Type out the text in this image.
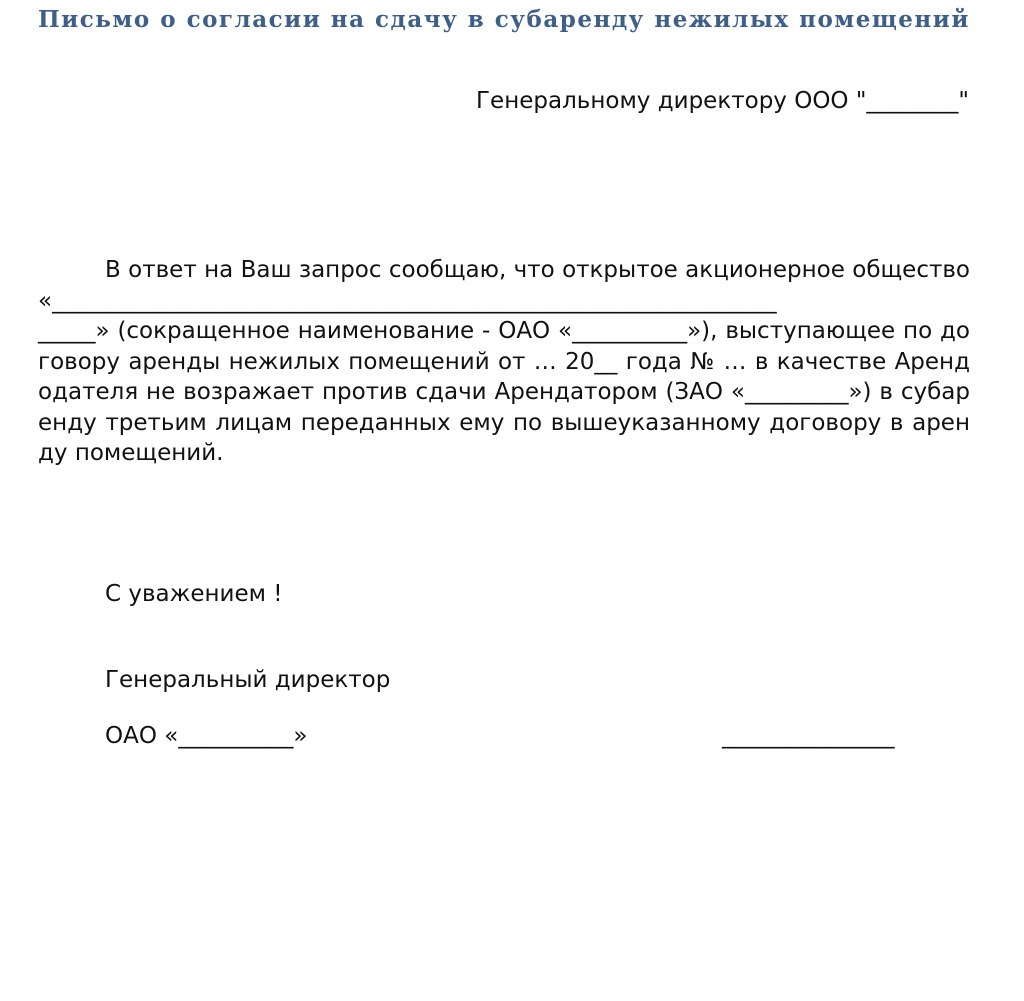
Письмо о согласии на сдачу в субаренду нежилых помещений
Генеральному директору ООО "________"

В ответ на Ваш запрос сообщаю, что открытое акционерное общество «_______________________________________________________________
_____» (сокращенное наименование - ОАО «__________»), выступающее по договору аренды нежилых помещений от … 20__ года № … в качестве Арендодателя не возражает против сдачи Арендатором (ЗАО «_________») в субаренду третьим лицам переданных ему по вышеуказанному договору в аренду помещений.

С уважением !
Генеральный директор
ОАО «__________»	_______________
